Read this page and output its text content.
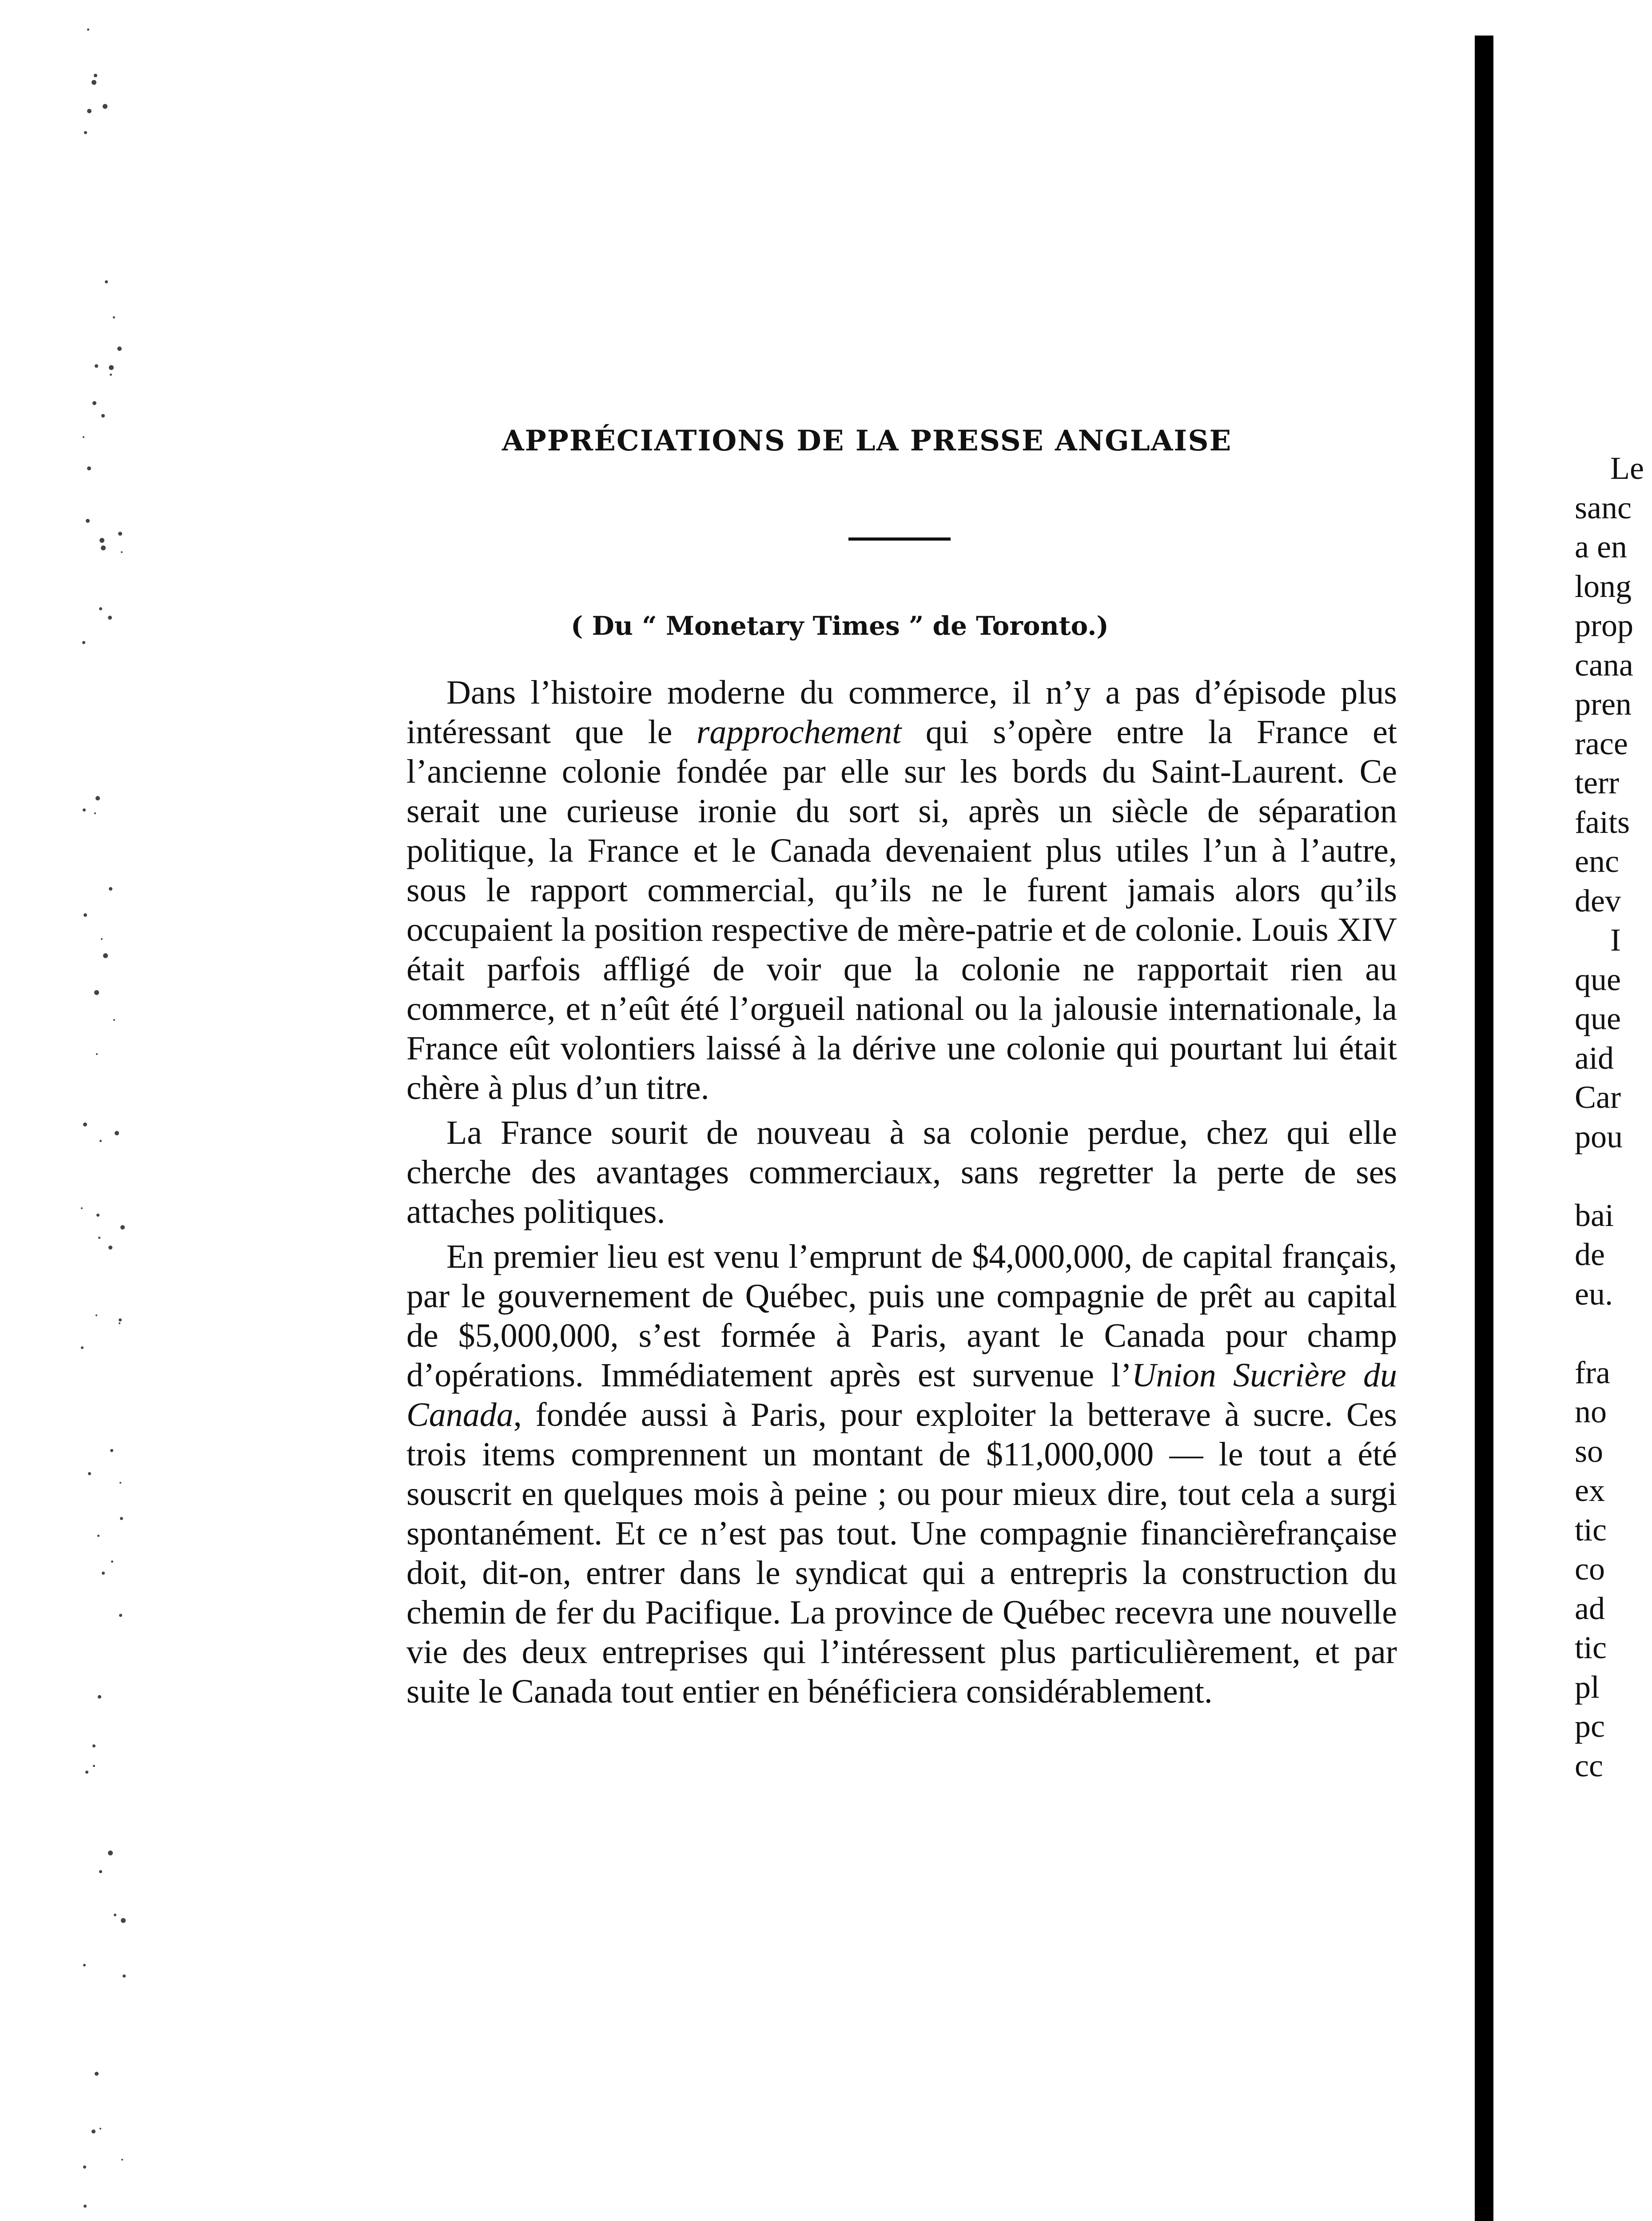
APPRÉCIATIONS DE LA PRESSE ANGLAISE
( Du “ Monetary Times ” de Toronto.)

Dans l’histoire moderne du commerce, il n’y a pas d’épisode plus intéressant que le rapprochement qui s’opère entre la France et l’ancienne colonie fondée par elle sur les bords du Saint-Laurent. Ce serait une curieuse ironie du sort si, après un siècle de séparation politique, la France et le Canada devenaient plus utiles l’un à l’autre, sous le rapport commercial, qu’ils ne le furent jamais alors qu’ils occupaient la position respective de mère-patrie et de colonie. Louis XIV était parfois affligé de voir que la colonie ne rapportait rien au commerce, et n’eût été l’orgueil national ou la jalousie internationale, la France eût volontiers laissé à la dérive une colonie qui pourtant lui était chère à plus d’un titre.

La France sourit de nouveau à sa colonie perdue, chez qui elle cherche des avantages commerciaux, sans regretter la perte de ses attaches politiques.

En premier lieu est venu l’emprunt de $4,000,000, de capital français, par le gouvernement de Québec, puis une compagnie de prêt au capital de $5,000,000, s’est formée à Paris, ayant le Canada pour champ d’opérations. Immédiatement après est survenue l’Union Sucrière du Canada, fondée aussi à Paris, pour exploiter la betterave à sucre. Ces trois items comprennent un montant de $11,000,000 — le tout a été souscrit en quelques mois à peine ; ou pour mieux dire, tout cela a surgi spontanément. Et ce n’est pas tout. Une compagnie financièrefrançaise doit, dit-on, entrer dans le syndicat qui a entrepris la construction du chemin de fer du Pacifique. La province de Québec recevra une nouvelle vie des deux entreprises qui l’intéressent plus particulièrement, et par suite le Canada tout entier en bénéficiera considérablement.

Le
sanc
a en
long
prop
cana
pren
race
terr
faits
enc
dev
I
que
que
aid
Car
pou
bai
de
eu.
fra
no
so
ex
tic
co
ad
tic
pl
pc
cc
